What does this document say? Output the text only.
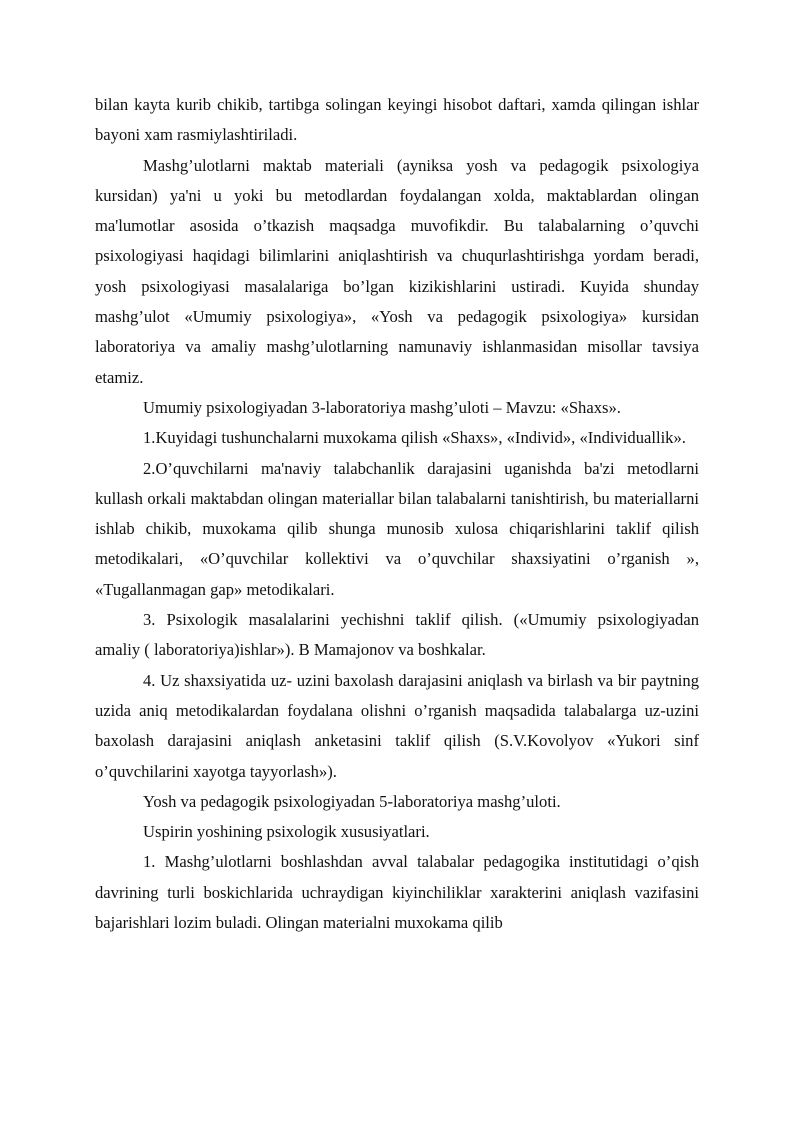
bilan kayta kurib chikib, tartibga solingan keyingi hisobot daftari, xamda qilingan ishlar bayoni xam rasmiylashtiriladi.

Mashg’ulotlarni maktab materiali (ayniksa yosh va pedagogik psixologiya kursidan) ya'ni u yoki bu metodlardan foydalangan xolda, maktablardan olingan ma'lumotlar asosida o’tkazish maqsadga muvofikdir. Bu talabalarning o’quvchi psixologiyasi haqidagi bilimlarini aniqlashtirish va chuqurlashtirishga yordam beradi, yosh psixologiyasi masalalariga bo’lgan kizikishlarini ustiradi. Kuyida shunday mashg’ulot «Umumiy psixologiya», «Yosh va pedagogik psixologiya» kursidan laboratoriya va amaliy mashg’ulotlarning namunaviy ishlanmasidan misollar tavsiya etamiz.

Umumiy psixologiyadan 3-laboratoriya mashg’uloti – Mavzu: «Shaxs».

1.Kuyidagi tushunchalarni muxokama qilish «Shaxs», «Individ», «Individuallik».

2.O’quvchilarni ma'naviy talabchanlik darajasini uganishda ba'zi metodlarni kullash orkali maktabdan olingan materiallar bilan talabalarni tanishtirish, bu materiallarni ishlab chikib, muxokama qilib shunga munosib xulosa chiqarishlarini taklif qilish metodikalari, «O’quvchilar kollektivi va o’quvchilar shaxsiyatini o’rganish », «Tugallanmagan gap» metodikalari.

3. Psixologik masalalarini yechishni taklif qilish. («Umumiy psixologiyadan amaliy ( laboratoriya)ishlar»). B Mamajonov va boshkalar.

4. Uz shaxsiyatida uz- uzini baxolash darajasini aniqlash va birlash va bir paytning uzida aniq metodikalardan foydalana olishni o’rganish maqsadida talabalarga uz-uzini baxolash darajasini aniqlash anketasini taklif qilish (S.V.Kovolyov «Yukori sinf o’quvchilarini xayotga tayyorlash»).

Yosh va pedagogik psixologiyadan 5-laboratoriya mashg’uloti.

Uspirin yoshining psixologik xususiyatlari.

1. Mashg’ulotlarni boshlashdan avval talabalar pedagogika institutidagi o’qish davrining turli boskichlarida uchraydigan kiyinchiliklar xarakterini aniqlash vazifasini bajarishlari lozim buladi. Olingan materialni muxokama qilib
